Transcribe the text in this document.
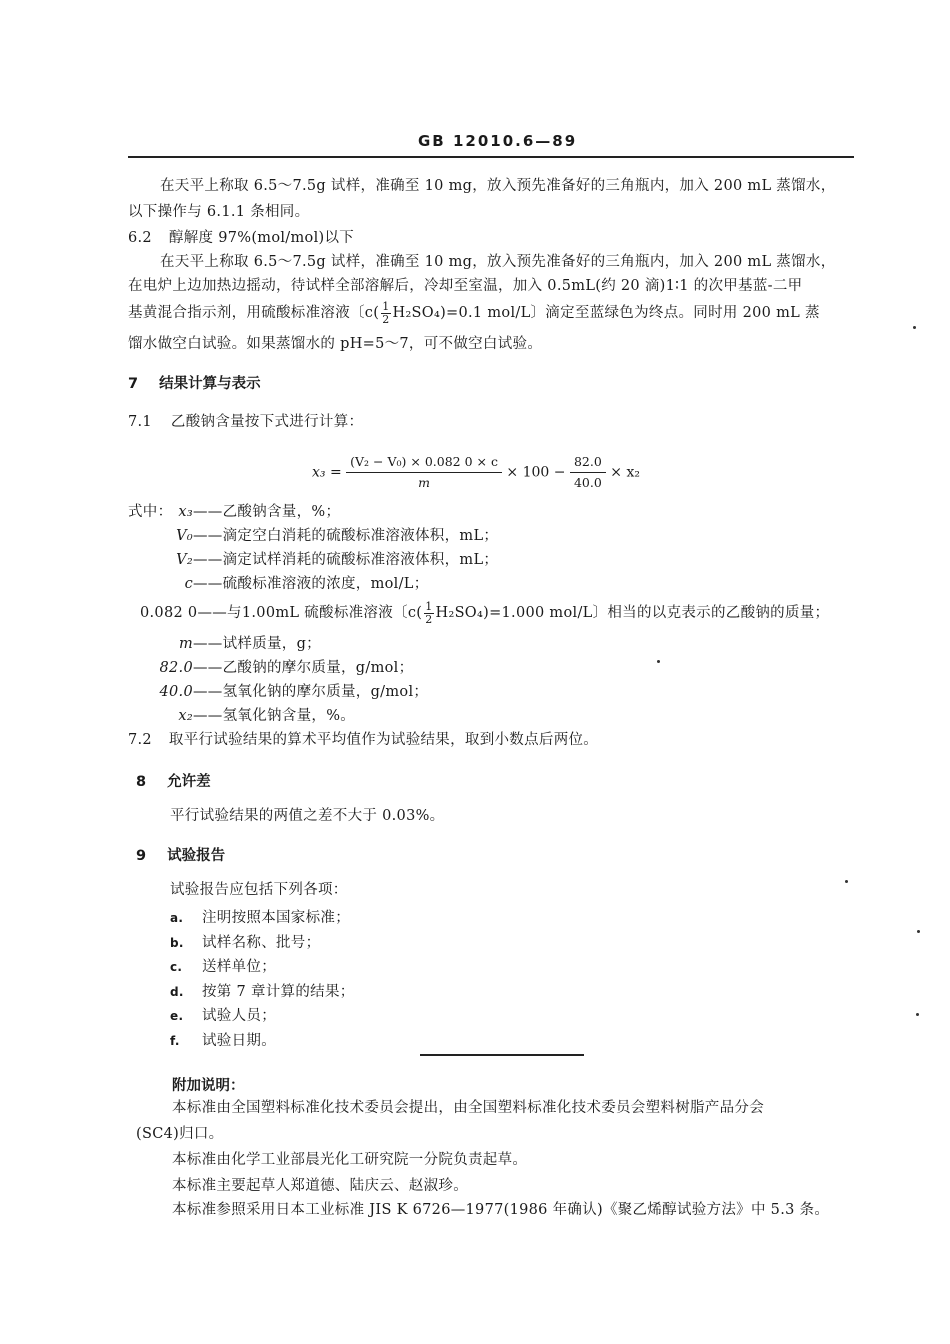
GB 12010.6—89
在天平上称取 6.5～7.5g 试样，准确至 10 mg，放入预先准备好的三角瓶内，加入 200 mL 蒸馏水，
以下操作与 6.1.1 条相同。
6.2 醇解度 97%(mol/mol)以下
在天平上称取 6.5～7.5g 试样，准确至 10 mg，放入预先准备好的三角瓶内，加入 200 mL 蒸馏水，
在电炉上边加热边摇动，待试样全部溶解后，冷却至室温，加入 0.5mL(约 20 滴)1∶1 的次甲基蓝-二甲
基黄混合指示剂，用硫酸标准溶液〔$c( \frac{1}{2} H_2SO_4)=0.1$ mol/L〕滴定至蓝绿色为终点。同时用 200 mL 蒸
馏水做空白试验。如果蒸馏水的 pH=5～7，可不做空白试验。
7 结果计算与表示
7.1 乙酸钠含量按下式进行计算：
$x_3 = \frac{\text{(V₂ − V₀) × 0.082 0 × c}}{m} \times 100 - \frac{82.0}{40.0} \times x_2$
式中： x₃——乙酸钠含量，%；
V₀——滴定空白消耗的硫酸标准溶液体积，mL；
V₂——滴定试样消耗的硫酸标准溶液体积，mL；
c——硫酸标准溶液的浓度，mol/L；
0.082 0——与1.00mL 硫酸标准溶液〔$c( \frac{1}{2} H_2SO_4)=1.000$ mol/L〕相当的以克表示的乙酸钠的质量；
m——试样质量，g；
82.0——乙酸钠的摩尔质量，g/mol；
40.0——氢氧化钠的摩尔质量，g/mol；
x₂——氢氧化钠含量，%。
7.2 取平行试验结果的算术平均值作为试验结果，取到小数点后两位。
8 允许差
平行试验结果的两值之差不大于 0.03%。
9 试验报告
试验报告应包括下列各项：
a. 注明按照本国家标准；
b. 试样名称、批号；
c. 送样单位；
d. 按第 7 章计算的结果；
e. 试验人员；
f. 试验日期。
附加说明：
本标准由全国塑料标准化技术委员会提出，由全国塑料标准化技术委员会塑料树脂产品分会
(SC4)归口。
本标准由化学工业部晨光化工研究院一分院负责起草。
本标准主要起草人郑道德、陆庆云、赵淑珍。
本标准参照采用日本工业标准 JIS K 6726—1977(1986 年确认)《聚乙烯醇试验方法》中 5.3 条。
